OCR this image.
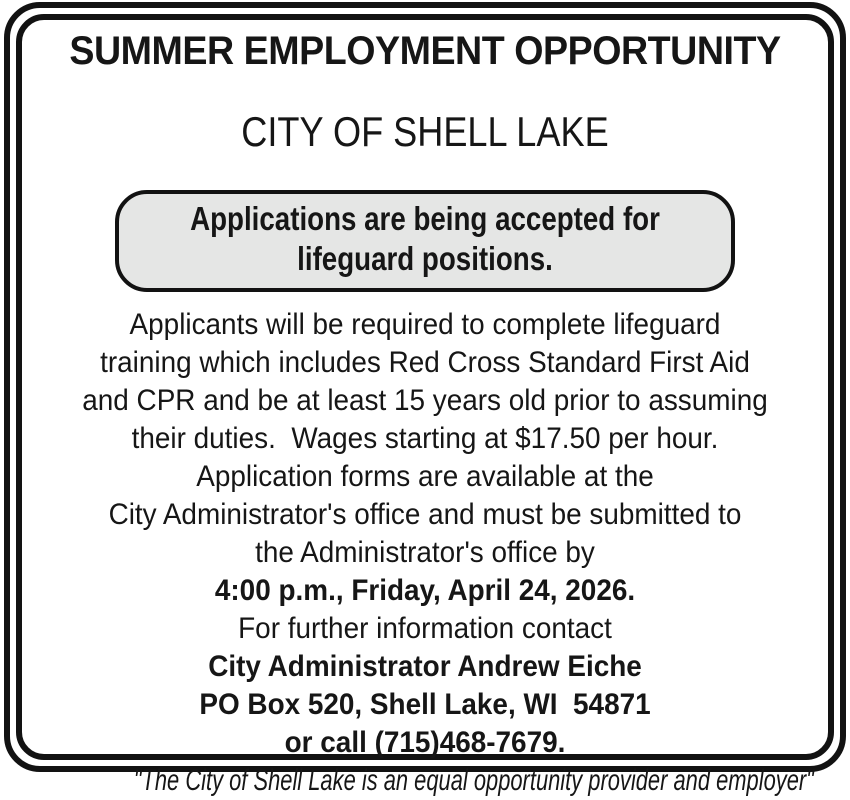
SUMMER EMPLOYMENT OPPORTUNITY
CITY OF SHELL LAKE
Applications are being accepted for
lifeguard positions.
Applicants will be required to complete lifeguard
training which includes Red Cross Standard First Aid
and CPR and be at least 15 years old prior to assuming
their duties.  Wages starting at $17.50 per hour.
Application forms are available at the
City Administrator's office and must be submitted to
the Administrator's office by
4:00 p.m., Friday, April 24, 2026.
For further information contact
City Administrator Andrew Eiche
PO Box 520, Shell Lake, WI  54871
or call (715)468-7679.
"The City of Shell Lake is an equal opportunity provider and employer"
